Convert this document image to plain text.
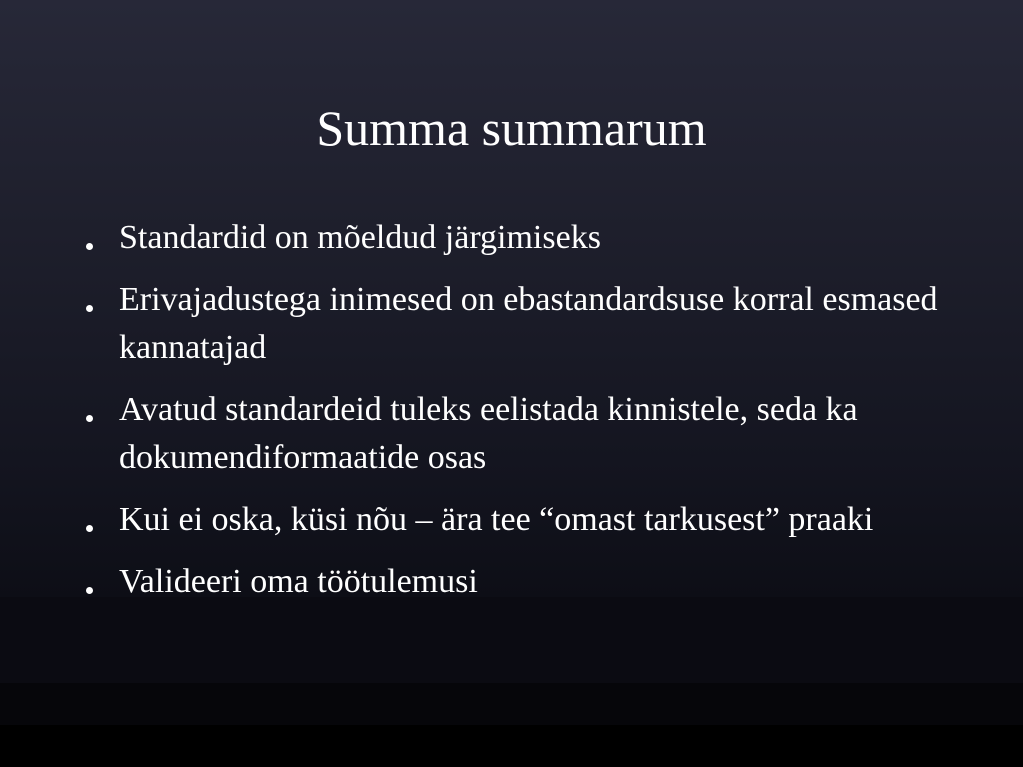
Summa summarum
Standardid on mõeldud järgimiseks
Erivajadustega inimesed on ebastandardsuse korral esmased kannatajad
Avatud standardeid tuleks eelistada kinnistele, seda ka dokumendiformaatide osas
Kui ei oska, küsi nõu – ära tee “omast tarkusest” praaki
Valideeri oma töötulemusi
